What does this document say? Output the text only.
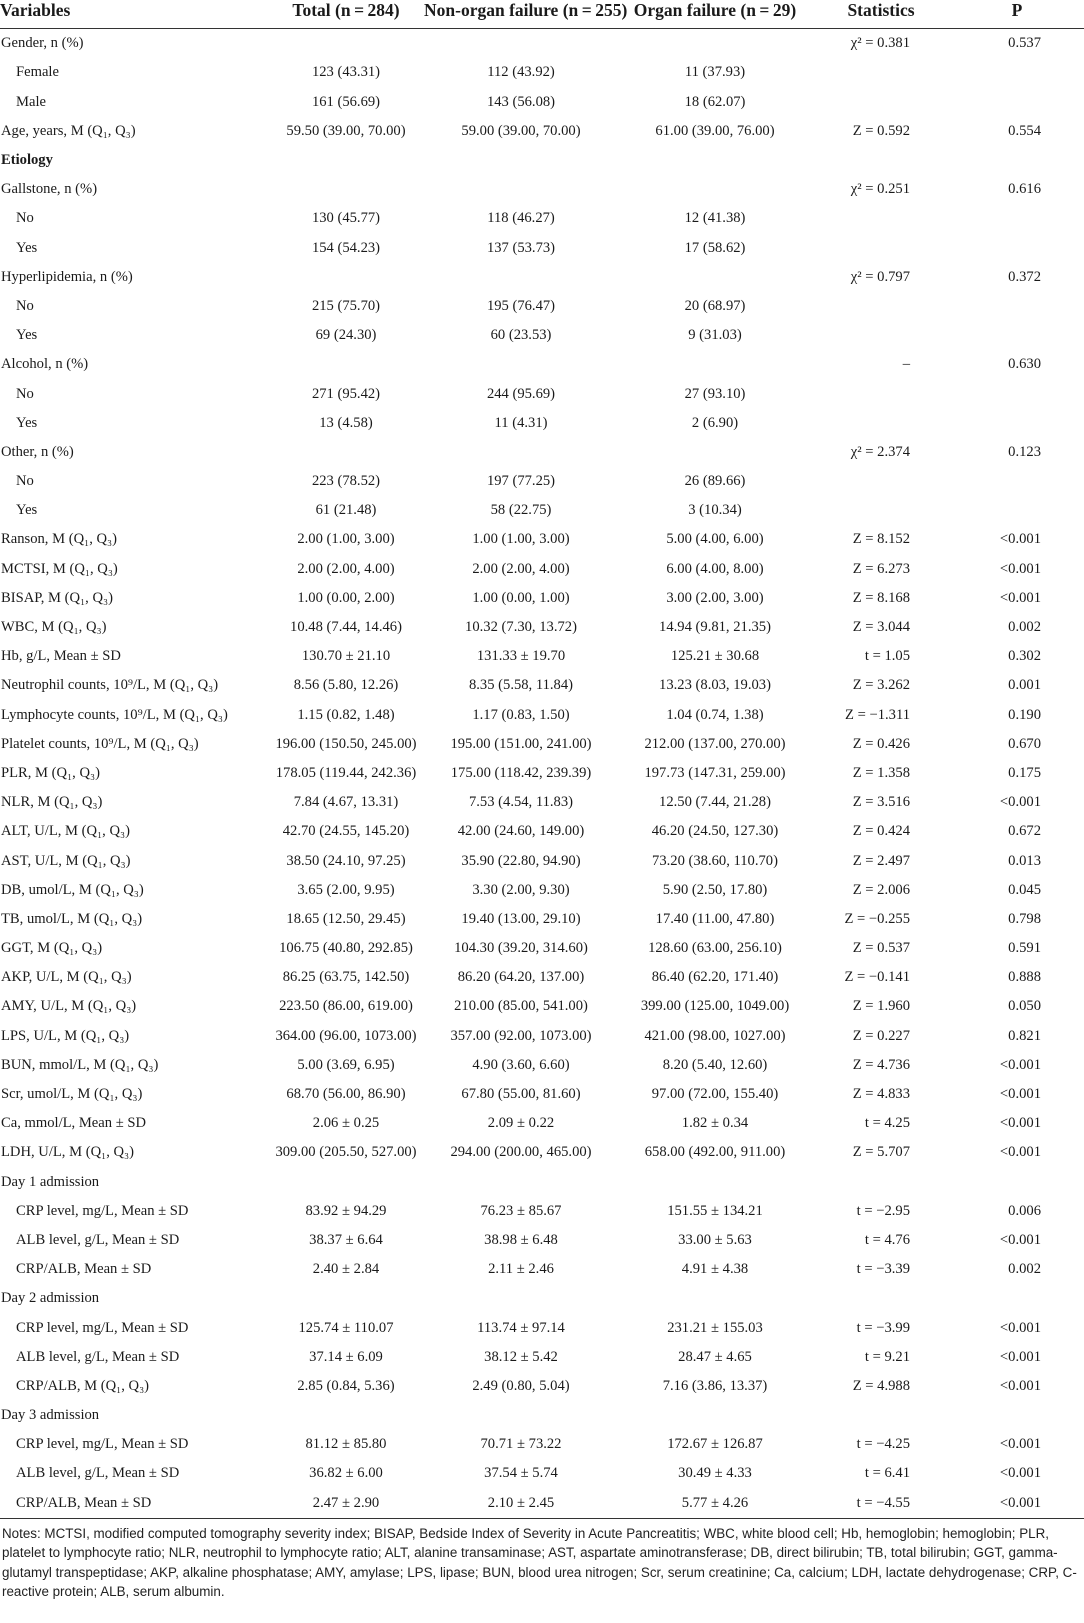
Variables	Total (n = 284)	Non-organ failure (n = 255)	Organ failure (n = 29)	Statistics	P
Gender, n (%)				χ² = 0.381	0.537
Female	123 (43.31)	112 (43.92)	11 (37.93)		
Male	161 (56.69)	143 (56.08)	18 (62.07)		
Age, years, M (Q₁, Q₃)	59.50 (39.00, 70.00)	59.00 (39.00, 70.00)	61.00 (39.00, 76.00)	Z = 0.592	0.554
Etiology					
Gallstone, n (%)				χ² = 0.251	0.616
No	130 (45.77)	118 (46.27)	12 (41.38)		
Yes	154 (54.23)	137 (53.73)	17 (58.62)		
Hyperlipidemia, n (%)				χ² = 0.797	0.372
No	215 (75.70)	195 (76.47)	20 (68.97)		
Yes	69 (24.30)	60 (23.53)	9 (31.03)		
Alcohol, n (%)				–	0.630
No	271 (95.42)	244 (95.69)	27 (93.10)		
Yes	13 (4.58)	11 (4.31)	2 (6.90)		
Other, n (%)				χ² = 2.374	0.123
No	223 (78.52)	197 (77.25)	26 (89.66)		
Yes	61 (21.48)	58 (22.75)	3 (10.34)		
Ranson, M (Q₁, Q₃)	2.00 (1.00, 3.00)	1.00 (1.00, 3.00)	5.00 (4.00, 6.00)	Z = 8.152	<0.001
MCTSI, M (Q₁, Q₃)	2.00 (2.00, 4.00)	2.00 (2.00, 4.00)	6.00 (4.00, 8.00)	Z = 6.273	<0.001
BISAP, M (Q₁, Q₃)	1.00 (0.00, 2.00)	1.00 (0.00, 1.00)	3.00 (2.00, 3.00)	Z = 8.168	<0.001
WBC, M (Q₁, Q₃)	10.48 (7.44, 14.46)	10.32 (7.30, 13.72)	14.94 (9.81, 21.35)	Z = 3.044	0.002
Hb, g/L, Mean ± SD	130.70 ± 21.10	131.33 ± 19.70	125.21 ± 30.68	t = 1.05	0.302
Neutrophil counts, 10⁹/L, M (Q₁, Q₃)	8.56 (5.80, 12.26)	8.35 (5.58, 11.84)	13.23 (8.03, 19.03)	Z = 3.262	0.001
Lymphocyte counts, 10⁹/L, M (Q₁, Q₃)	1.15 (0.82, 1.48)	1.17 (0.83, 1.50)	1.04 (0.74, 1.38)	Z = −1.311	0.190
Platelet counts, 10⁹/L, M (Q₁, Q₃)	196.00 (150.50, 245.00)	195.00 (151.00, 241.00)	212.00 (137.00, 270.00)	Z = 0.426	0.670
PLR, M (Q₁, Q₃)	178.05 (119.44, 242.36)	175.00 (118.42, 239.39)	197.73 (147.31, 259.00)	Z = 1.358	0.175
NLR, M (Q₁, Q₃)	7.84 (4.67, 13.31)	7.53 (4.54, 11.83)	12.50 (7.44, 21.28)	Z = 3.516	<0.001
ALT, U/L, M (Q₁, Q₃)	42.70 (24.55, 145.20)	42.00 (24.60, 149.00)	46.20 (24.50, 127.30)	Z = 0.424	0.672
AST, U/L, M (Q₁, Q₃)	38.50 (24.10, 97.25)	35.90 (22.80, 94.90)	73.20 (38.60, 110.70)	Z = 2.497	0.013
DB, umol/L, M (Q₁, Q₃)	3.65 (2.00, 9.95)	3.30 (2.00, 9.30)	5.90 (2.50, 17.80)	Z = 2.006	0.045
TB, umol/L, M (Q₁, Q₃)	18.65 (12.50, 29.45)	19.40 (13.00, 29.10)	17.40 (11.00, 47.80)	Z = −0.255	0.798
GGT, M (Q₁, Q₃)	106.75 (40.80, 292.85)	104.30 (39.20, 314.60)	128.60 (63.00, 256.10)	Z = 0.537	0.591
AKP, U/L, M (Q₁, Q₃)	86.25 (63.75, 142.50)	86.20 (64.20, 137.00)	86.40 (62.20, 171.40)	Z = −0.141	0.888
AMY, U/L, M (Q₁, Q₃)	223.50 (86.00, 619.00)	210.00 (85.00, 541.00)	399.00 (125.00, 1049.00)	Z = 1.960	0.050
LPS, U/L, M (Q₁, Q₃)	364.00 (96.00, 1073.00)	357.00 (92.00, 1073.00)	421.00 (98.00, 1027.00)	Z = 0.227	0.821
BUN, mmol/L, M (Q₁, Q₃)	5.00 (3.69, 6.95)	4.90 (3.60, 6.60)	8.20 (5.40, 12.60)	Z = 4.736	<0.001
Scr, umol/L, M (Q₁, Q₃)	68.70 (56.00, 86.90)	67.80 (55.00, 81.60)	97.00 (72.00, 155.40)	Z = 4.833	<0.001
Ca, mmol/L, Mean ± SD	2.06 ± 0.25	2.09 ± 0.22	1.82 ± 0.34	t = 4.25	<0.001
LDH, U/L, M (Q₁, Q₃)	309.00 (205.50, 527.00)	294.00 (200.00, 465.00)	658.00 (492.00, 911.00)	Z = 5.707	<0.001
Day 1 admission					
CRP level, mg/L, Mean ± SD	83.92 ± 94.29	76.23 ± 85.67	151.55 ± 134.21	t = −2.95	0.006
ALB level, g/L, Mean ± SD	38.37 ± 6.64	38.98 ± 6.48	33.00 ± 5.63	t = 4.76	<0.001
CRP/ALB, Mean ± SD	2.40 ± 2.84	2.11 ± 2.46	4.91 ± 4.38	t = −3.39	0.002
Day 2 admission					
CRP level, mg/L, Mean ± SD	125.74 ± 110.07	113.74 ± 97.14	231.21 ± 155.03	t = −3.99	<0.001
ALB level, g/L, Mean ± SD	37.14 ± 6.09	38.12 ± 5.42	28.47 ± 4.65	t = 9.21	<0.001
CRP/ALB, M (Q₁, Q₃)	2.85 (0.84, 5.36)	2.49 (0.80, 5.04)	7.16 (3.86, 13.37)	Z = 4.988	<0.001
Day 3 admission					
CRP level, mg/L, Mean ± SD	81.12 ± 85.80	70.71 ± 73.22	172.67 ± 126.87	t = −4.25	<0.001
ALB level, g/L, Mean ± SD	36.82 ± 6.00	37.54 ± 5.74	30.49 ± 4.33	t = 6.41	<0.001
CRP/ALB, Mean ± SD	2.47 ± 2.90	2.10 ± 2.45	5.77 ± 4.26	t = −4.55	<0.001

Notes: MCTSI, modified computed tomography severity index; BISAP, Bedside Index of Severity in Acute Pancreatitis; WBC, white blood cell; Hb, hemoglobin; hemoglobin; PLR, platelet to lymphocyte ratio; NLR, neutrophil to lymphocyte ratio; ALT, alanine transaminase; AST, aspartate aminotransferase; DB, direct bilirubin; TB, total bilirubin; GGT, gamma-glutamyl transpeptidase; AKP, alkaline phosphatase; AMY, amylase; LPS, lipase; BUN, blood urea nitrogen; Scr, serum creatinine; Ca, calcium; LDH, lactate dehydrogenase; CRP, C-reactive protein; ALB, serum albumin.
